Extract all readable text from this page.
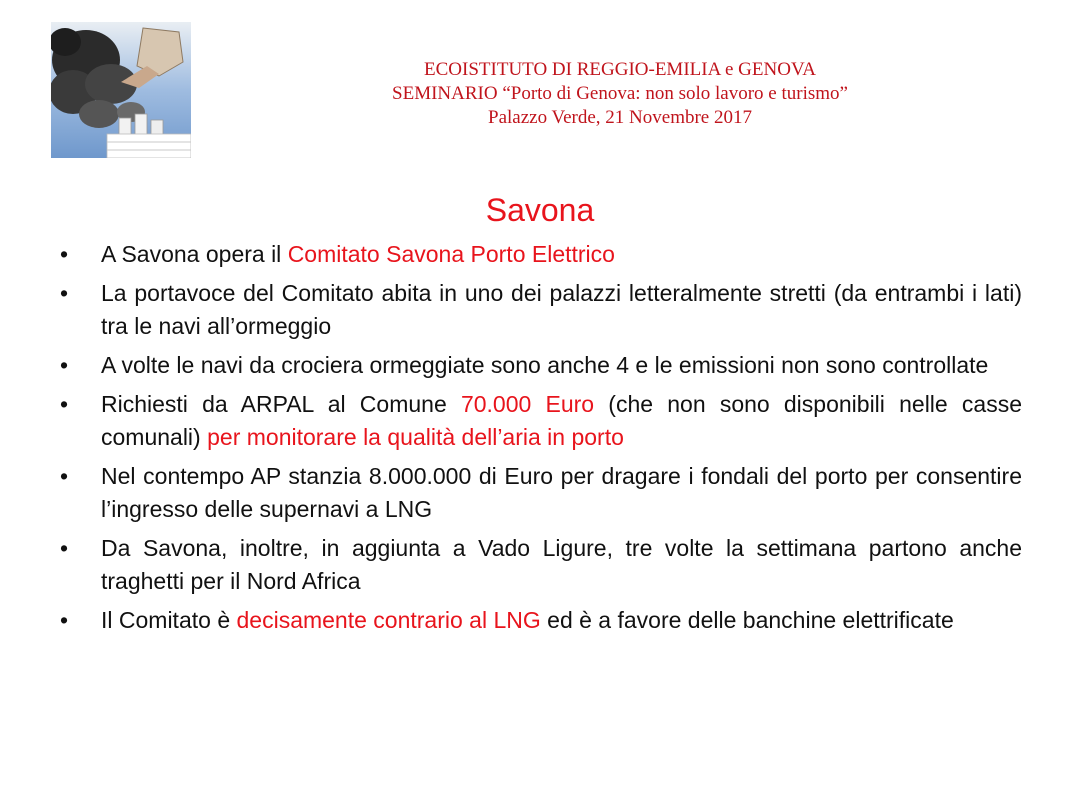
ECOISTITUTO DI REGGIO-EMILIA e GENOVA
SEMINARIO “Porto di Genova: non solo lavoro e turismo”
Palazzo Verde, 21 Novembre 2017
Savona
• A Savona opera il Comitato Savona Porto Elettrico
• La portavoce del Comitato abita in uno dei palazzi letteralmente stretti (da entrambi i lati) tra le navi all’ormeggio
• A volte le navi da crociera ormeggiate sono anche 4 e le emissioni non sono controllate
• Richiesti da ARPAL al Comune 70.000 Euro (che non sono disponibili nelle casse comunali) per monitorare la qualità dell’aria in porto
• Nel contempo AP stanzia 8.000.000 di Euro per dragare i fondali del porto per consentire l’ingresso delle supernavi a LNG
• Da Savona, inoltre, in aggiunta a Vado Ligure, tre volte la settimana partono anche traghetti per il Nord Africa
• Il Comitato è decisamente contrario al LNG ed è a favore delle banchine elettrificate
